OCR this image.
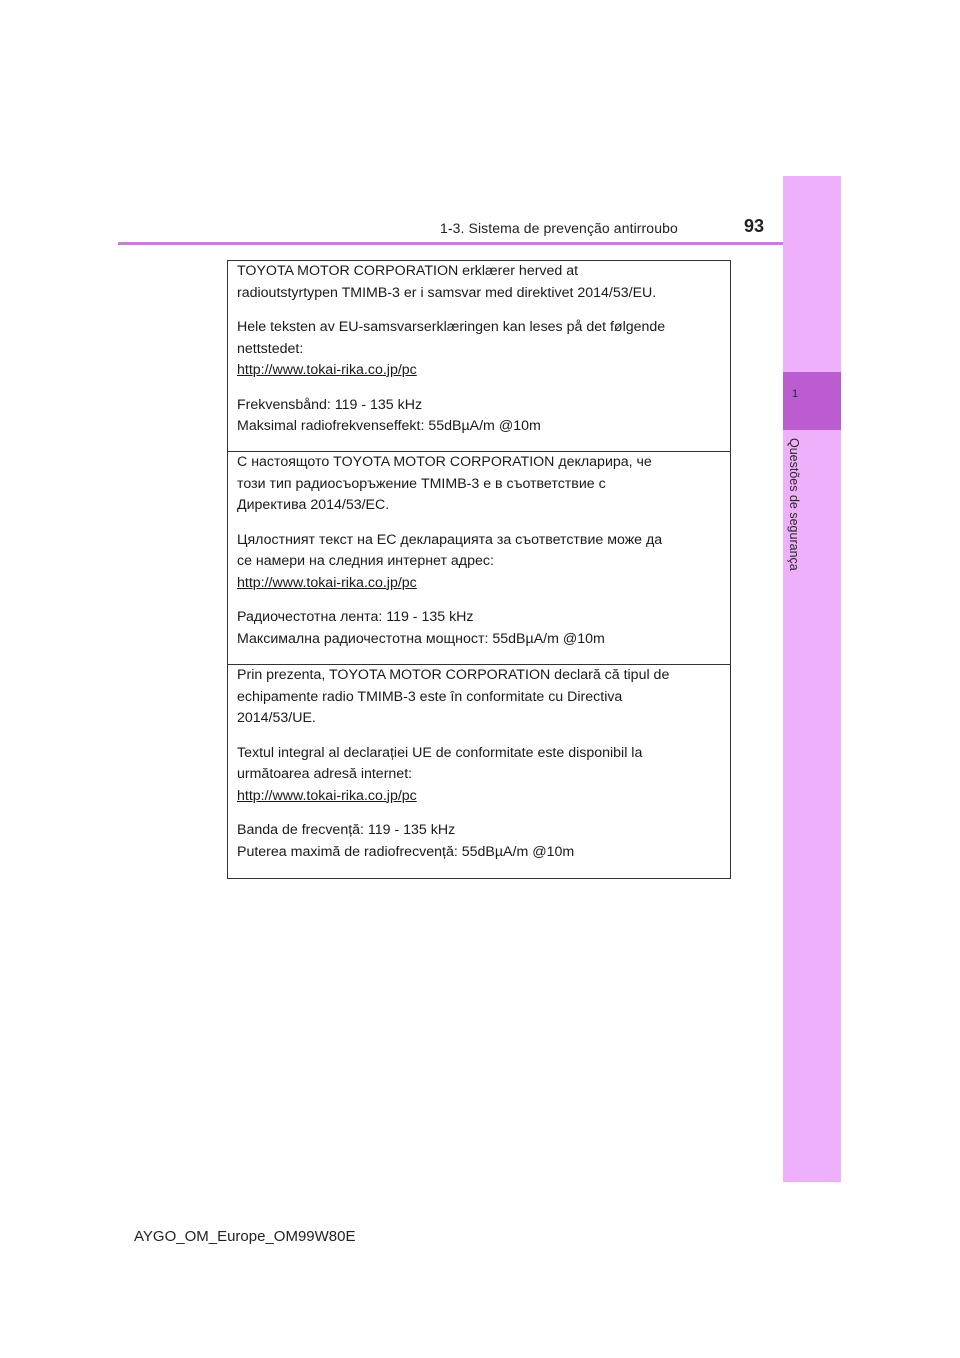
1-3. Sistema de prevenção antirroubo	93
1
Questões de segurança

TOYOTA MOTOR CORPORATION erklærer herved at

radioutstyrtypen TMIMB-3 er i samsvar med direktivet 2014/53/EU.

Hele teksten av EU-samsvarserklæringen kan leses på det følgende

nettstedet:

http://www.tokai-rika.co.jp/pc

Frekvensbånd: 119 - 135 kHz

Maksimal radiofrekvenseffekt: 55dBµA/m @10m

С настоящото TOYOTA MOTOR CORPORATION декларира, че

този тип радиосъоръжение TMIMB-3 е в съответствие с

Директива 2014/53/ЕС.

Цялостният текст на ЕС декларацията за съответствие може да

се намери на следния интернет адрес:

http://www.tokai-rika.co.jp/pc

Радиочестотна лента: 119 - 135 kHz

Максимална радиочестотна мощност: 55dBµA/m @10m

Prin prezenta, TOYOTA MOTOR CORPORATION declară că tipul de

echipamente radio TMIMB-3 este în conformitate cu Directiva

2014/53/UE.

Textul integral al declarației UE de conformitate este disponibil la

următoarea adresă internet:

http://www.tokai-rika.co.jp/pc

Banda de frecvență: 119 - 135 kHz

Puterea maximă de radiofrecvență: 55dBµA/m @10m

AYGO_OM_Europe_OM99W80E
